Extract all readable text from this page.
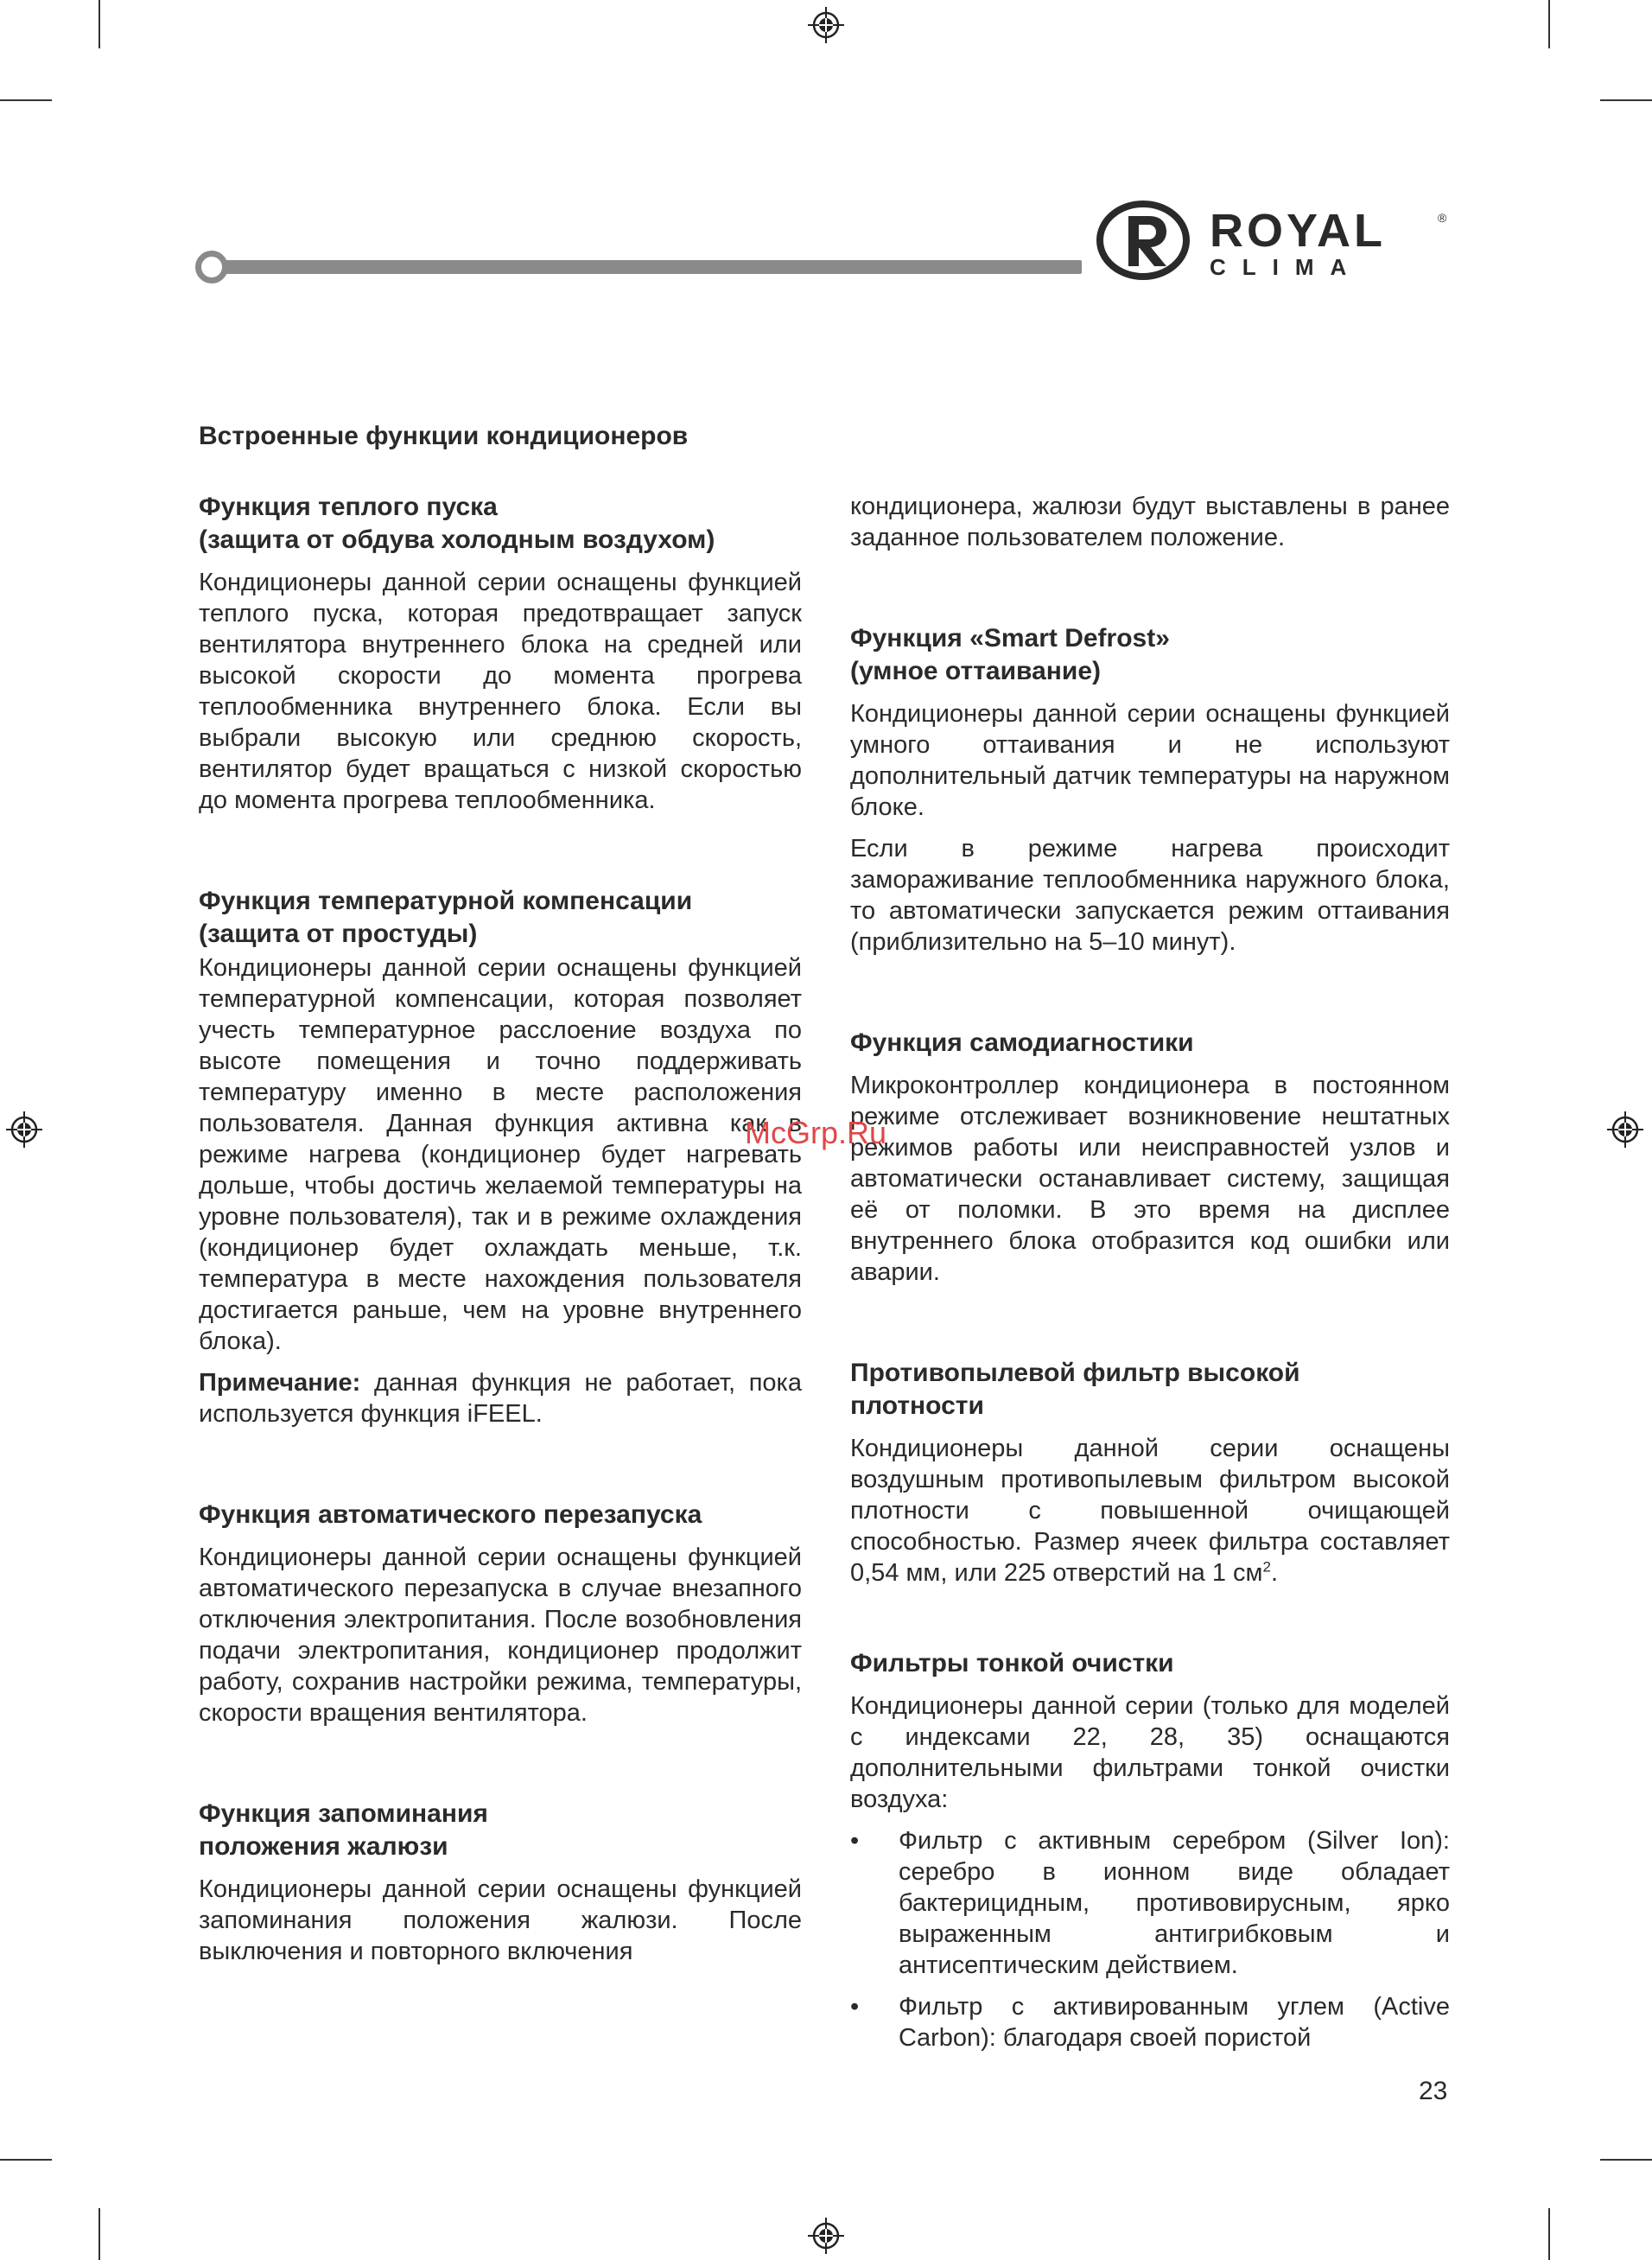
ROYAL	®
CLIMA
Встроенные функции кондиционеров
Функция теплого пуска
(защита от обдува холодным воздухом)

Кондиционеры данной серии оснащены функцией теплого пуска, которая предотвращает запуск вентилятора внутреннего блока на средней или высокой скорости до момента прогрева теплообменника внутреннего блока. Если вы выбрали высокую или среднюю скорость, вентилятор будет вращаться с низкой скоростью до момента прогрева теплообменника.

Функция температурной компенсации
(защита от простуды)

Кондиционеры данной серии оснащены функцией температурной компенсации, которая позволяет учесть температурное расслоение воздуха по высоте помещения и точно поддерживать температуру именно в месте расположения пользователя. Данная функция активна как в режиме нагрева (кондиционер будет нагревать дольше, чтобы достичь желаемой температуры на уровне пользователя), так и в режиме охлаждения (кондиционер будет охлаждать меньше, т.к. температура в месте нахождения пользователя достигается раньше, чем на уровне внутреннего блока).

Примечание: данная функция не работает, пока используется функция iFEEL.

Функция автоматического перезапуска

Кондиционеры данной серии оснащены функцией автоматического перезапуска в случае внезапного отключения электропитания. После возобновления подачи электропитания, кондиционер продолжит работу, сохранив настройки режима, температуры, скорости вращения вентилятора.

Функция запоминания
положения жалюзи

Кондиционеры данной серии оснащены функцией запоминания положения жалюзи. После выключения и повторного включения

кондиционера, жалюзи будут выставлены в ранее заданное пользователем положение.

Функция «Smart Defrost»
(умное оттаивание)

Кондиционеры данной серии оснащены функцией умного оттаивания и не используют дополнительный датчик температуры на наружном блоке.

Если в режиме нагрева происходит замораживание теплообменника наружного блока, то автоматически запускается режим оттаивания (приблизительно на 5–10 минут).

Функция самодиагностики

Микроконтроллер кондиционера в постоянном режиме отслеживает возникновение нештатных режимов работы или неисправностей узлов и автоматически останавливает систему, защищая её от поломки. В это время на дисплее внутреннего блока отобразится код ошибки или аварии.

Противопылевой фильтр высокой
плотности

Кондиционеры данной серии оснащены воздушным противопылевым фильтром высокой плотности с повышенной очищающей способностью. Размер ячеек фильтра составляет 0,54 мм, или 225 отверстий на 1 $см^2$.

Фильтры тонкой очистки

Кондиционеры данной серии (только для моделей с индексами 22, 28, 35) оснащаются дополнительными фильтрами тонкой очистки воздуха:

• Фильтр с активным серебром (Silver Ion): серебро в ионном виде обладает бактерицидным, противовирусным, ярко выраженным антигрибковым и антисептическим действием.
• Фильтр с активированным углем (Active Carbon): благодаря своей пористой
McGrp.Ru
23
